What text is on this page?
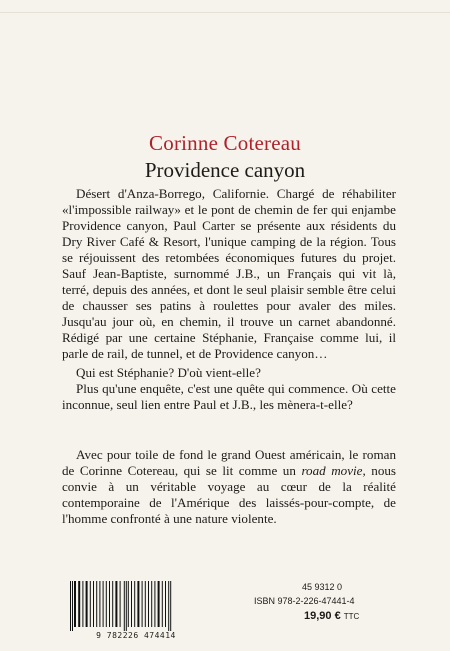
Corinne Cotereau
Providence canyon

Désert d'Anza-Borrego, Californie. Chargé de réhabiliter «l'impossible railway» et le pont de chemin de fer qui enjambe Providence canyon, Paul Carter se présente aux résidents du Dry River Café & Resort, l'unique camping de la région. Tous se réjouissent des retombées économiques futures du projet. Sauf Jean-Baptiste, surnommé J.B., un Français qui vit là, terré, depuis des années, et dont le seul plaisir semble être celui de chausser ses patins à roulettes pour avaler des miles. Jusqu'au jour où, en chemin, il trouve un carnet abandonné. Rédigé par une certaine Stéphanie, Française comme lui, il parle de rail, de tunnel, et de Providence canyon…

Qui est Stéphanie? D'où vient-elle?

Plus qu'une enquête, c'est une quête qui commence. Où cette inconnue, seul lien entre Paul et J.B., les mènera-t-elle?

Avec pour toile de fond le grand Ouest américain, le roman de Corinne Cotereau, qui se lit comme un road movie, nous convie à un véritable voyage au cœur de la réalité contemporaine de l'Amérique des laissés-pour-compte, de l'homme confronté à une nature violente.

9 782226 474414
45 9312 0
ISBN 978-2-226-47441-4
19,90 € TTC
